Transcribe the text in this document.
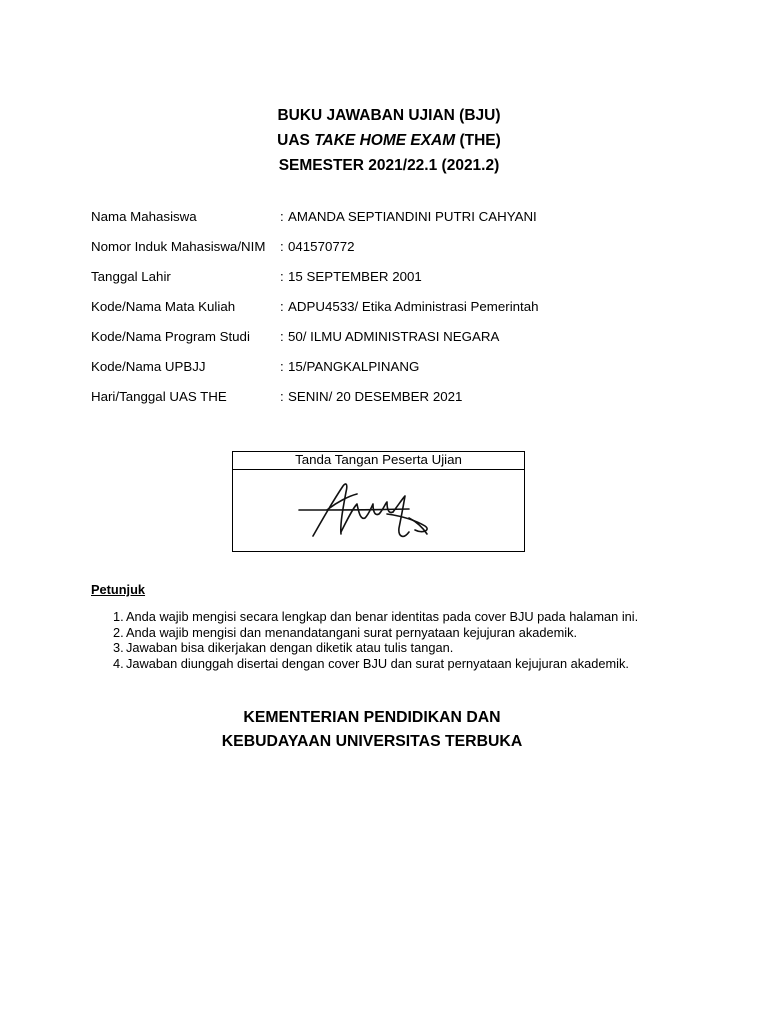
BUKU JAWABAN UJIAN (BJU)
UAS TAKE HOME EXAM (THE)
SEMESTER 2021/22.1 (2021.2)
Nama Mahasiswa	: AMANDA SEPTIANDINI PUTRI CAHYANI
Nomor Induk Mahasiswa/NIM : 041570772
Tanggal Lahir	: 15 SEPTEMBER 2001
Kode/Nama Mata Kuliah	: ADPU4533/ Etika Administrasi Pemerintah
Kode/Nama Program Studi : 50/ ILMU ADMINISTRASI NEGARA
Kode/Nama UPBJJ	: 15/PANGKALPINANG
Hari/Tanggal UAS THE	: SENIN/ 20 DESEMBER 2021
Tanda Tangan Peserta Ujian
Petunjuk
1. Anda wajib mengisi secara lengkap dan benar identitas pada cover BJU pada halaman ini.
2. Anda wajib mengisi dan menandatangani surat pernyataan kejujuran akademik.
3. Jawaban bisa dikerjakan dengan diketik atau tulis tangan.
4. Jawaban diunggah disertai dengan cover BJU dan surat pernyataan kejujuran akademik.
KEMENTERIAN PENDIDIKAN DAN
KEBUDAYAAN UNIVERSITAS TERBUKA
